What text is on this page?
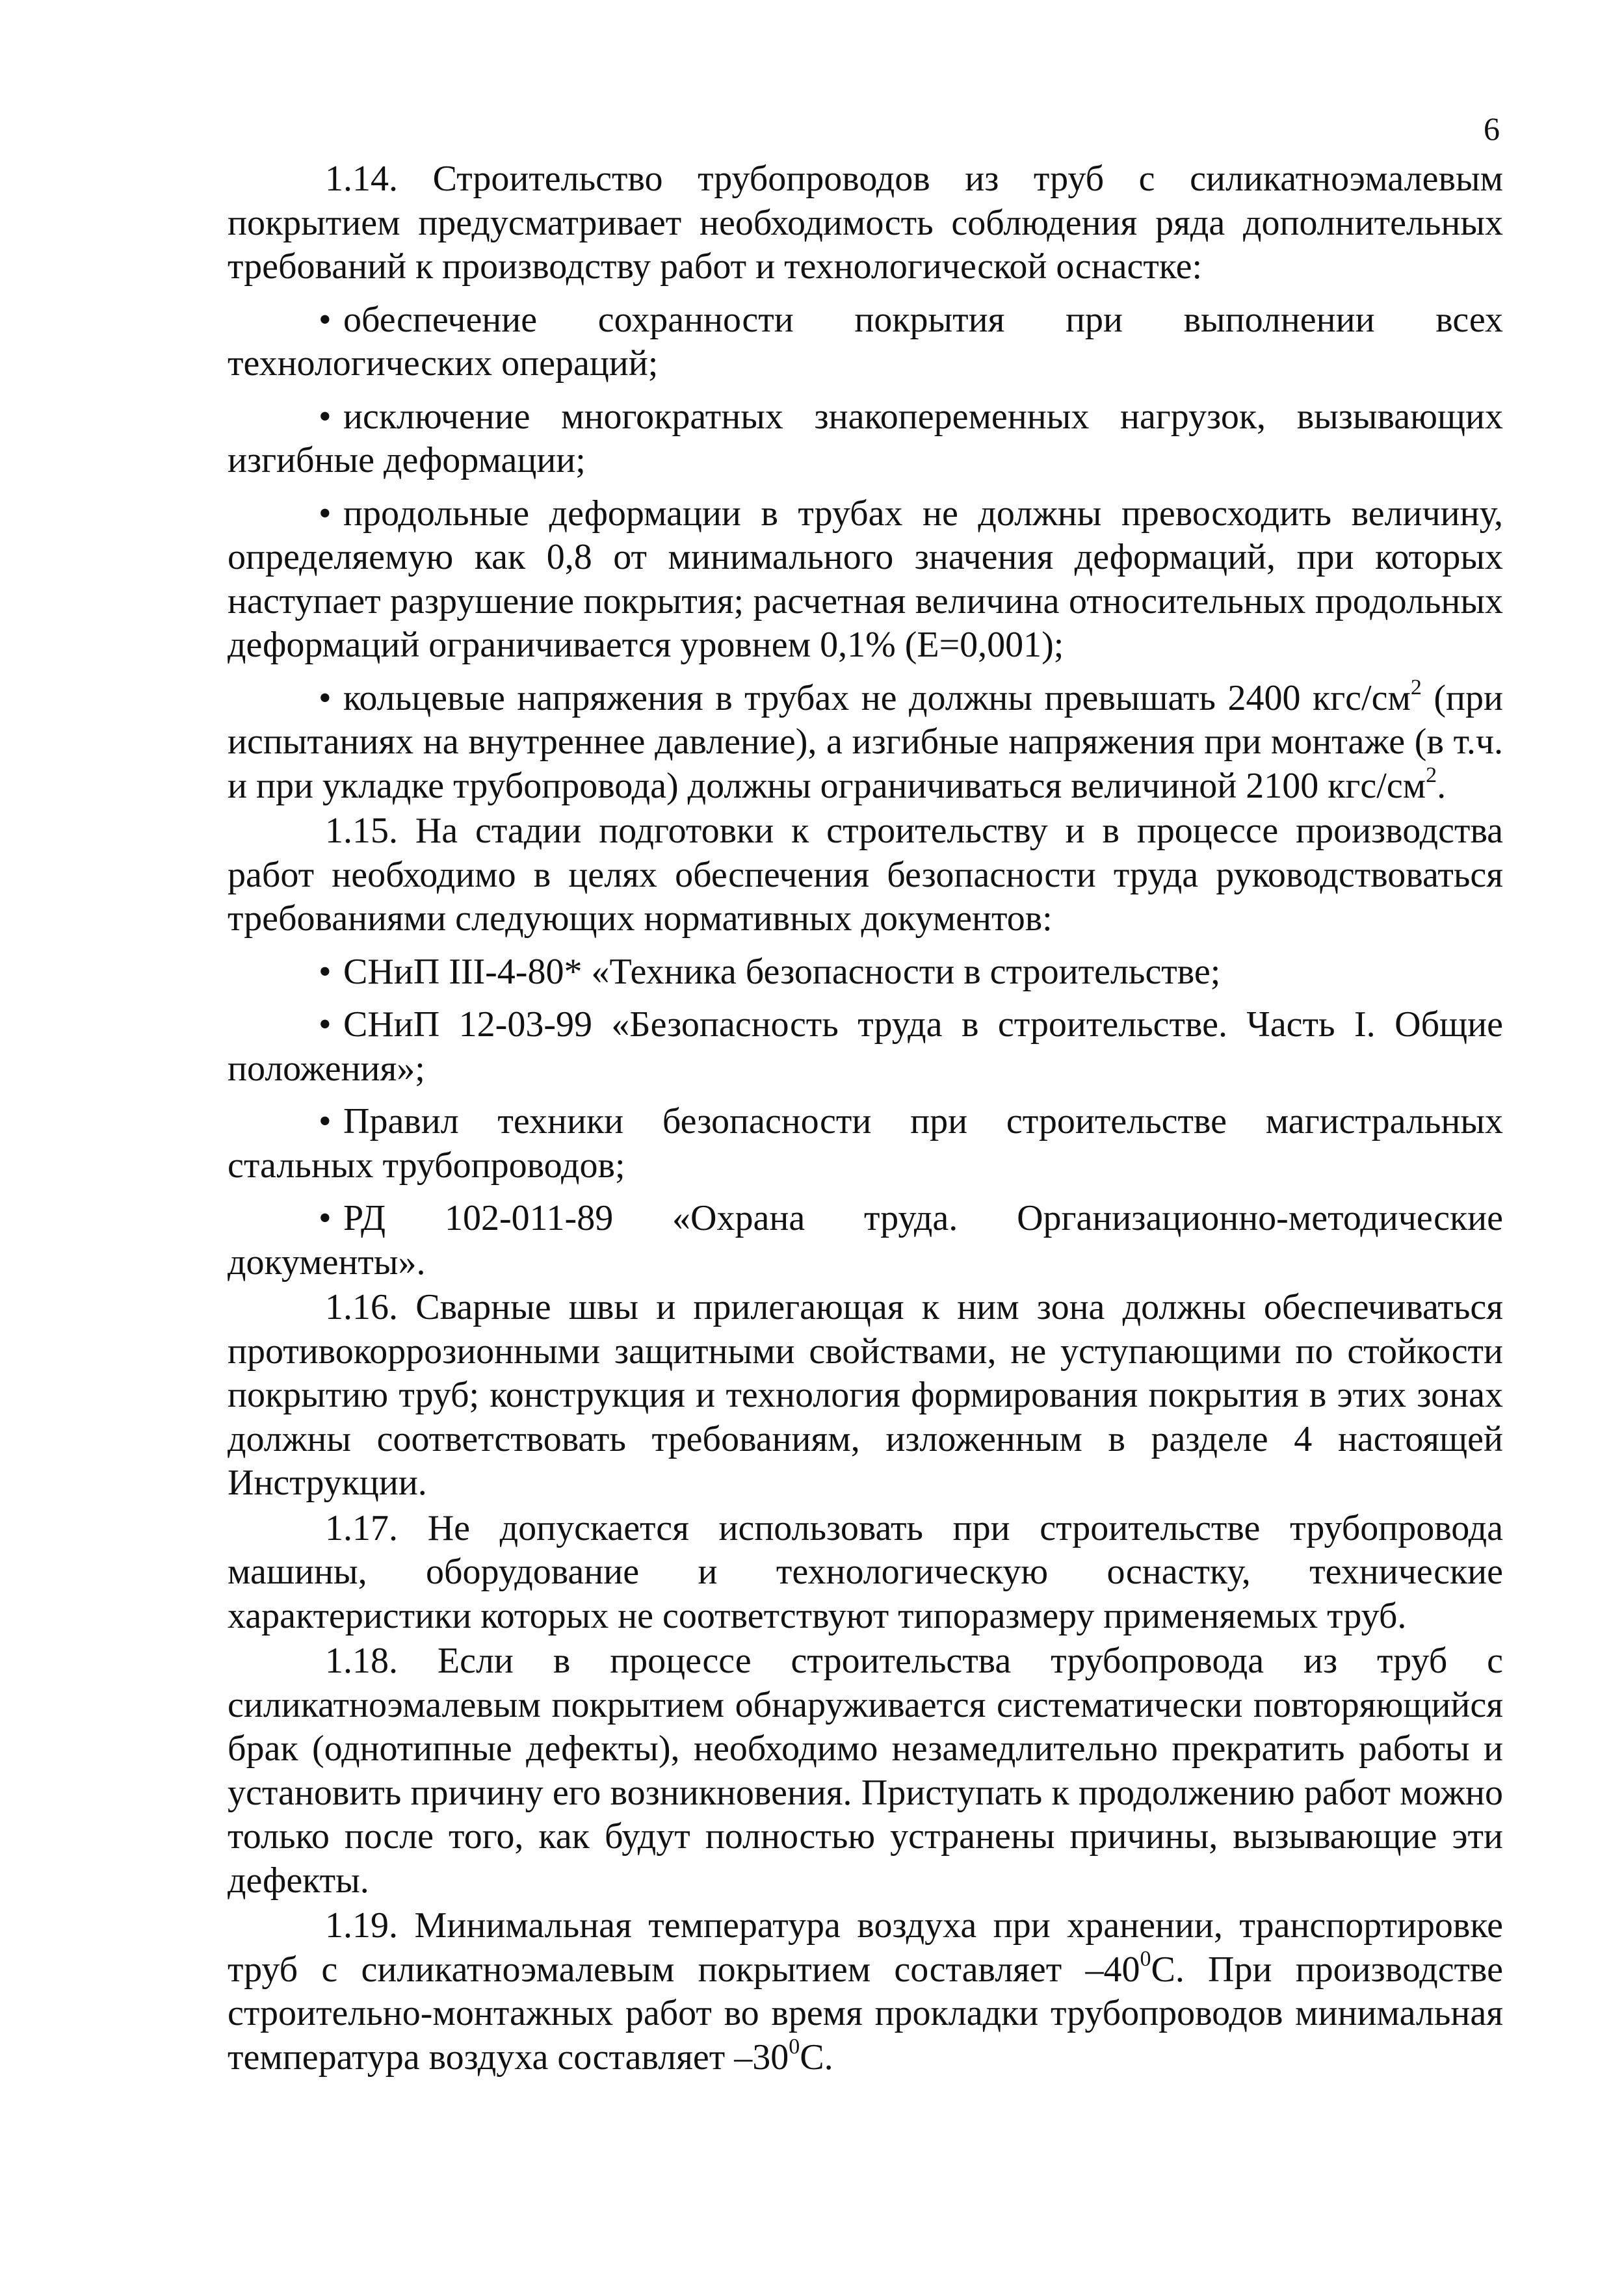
6

1.14. Строительство трубопроводов из труб с силикатноэмалевым покрытием предусматривает необходимость соблюдения ряда дополнительных требований к производству работ и технологической оснастке:

• обеспечение сохранности покрытия при выполнении всех технологических операций;

• исключение многократных знакопеременных нагрузок, вызывающих изгибные деформации;

• продольные деформации в трубах не должны превосходить величину, определяемую как 0,8 от минимального значения деформаций, при которых наступает разрушение покрытия; расчетная величина относительных продольных деформаций ограничивается уровнем 0,1% (Е=0,001);

• кольцевые напряжения в трубах не должны превышать 2400 кгс/$см^2$ (при испытаниях на внутреннее давление), а изгибные напряжения при монтаже (в т.ч. и при укладке трубопровода) должны ограничиваться величиной 2100 кгс/$см^2$.

1.15. На стадии подготовки к строительству и в процессе производства работ необходимо в целях обеспечения безопасности труда руководствоваться требованиями следующих нормативных документов:

• СНиП III-4-80* «Техника безопасности в строительстве;

• СНиП 12-03-99 «Безопасность труда в строительстве. Часть I. Общие положения»;

• Правил техники безопасности при строительстве магистральных стальных трубопроводов;

• РД 102-011-89 «Охрана труда. Организационно-методические документы».

1.16. Сварные швы и прилегающая к ним зона должны обеспечиваться противокоррозионными защитными свойствами, не уступающими по стойкости покрытию труб; конструкция и технология формирования покрытия в этих зонах должны соответствовать требованиям, изложенным в разделе 4 настоящей Инструкции.

1.17. Не допускается использовать при строительстве трубопровода машины, оборудование и технологическую оснастку, технические характеристики которых не соответствуют типоразмеру применяемых труб.

1.18. Если в процессе строительства трубопровода из труб с силикатноэмалевым покрытием обнаруживается систематически повторяющийся брак (однотипные дефекты), необходимо незамедлительно прекратить работы и установить причину его возникновения. Приступать к продолжению работ можно только после того, как будут полностью устранены причины, вызывающие эти дефекты.

1.19. Минимальная температура воздуха при хранении, транспортировке труб с силикатноэмалевым покрытием составляет $-40^0С$. При производстве строительно-монтажных работ во время прокладки трубопроводов минимальная температура воздуха составляет $-30^0С$.
